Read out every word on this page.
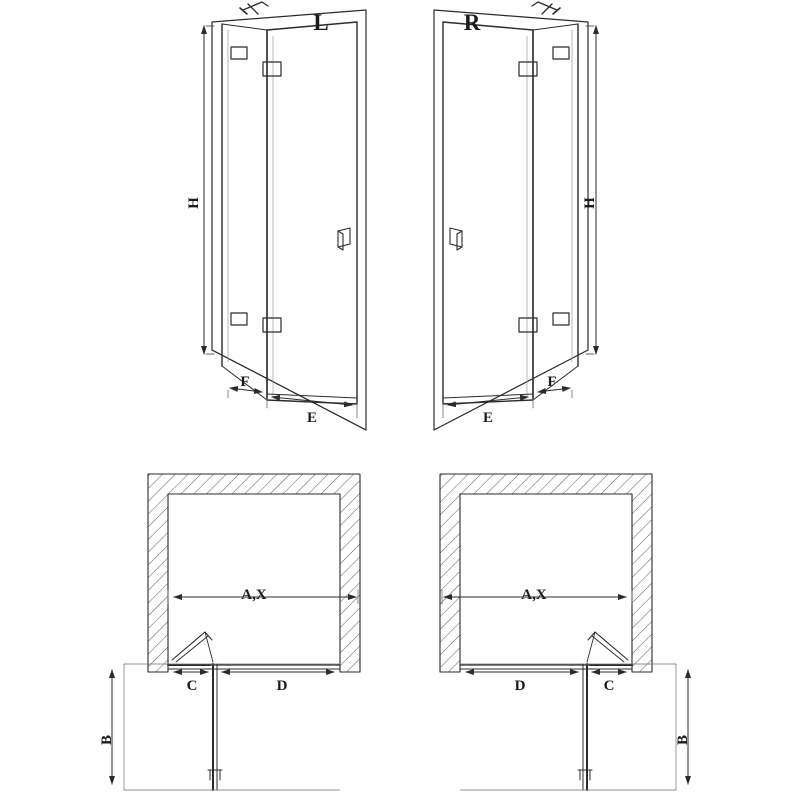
L	R
H	H
F
E	E
F
A,X
C	D
B
A,X
D	C
B
